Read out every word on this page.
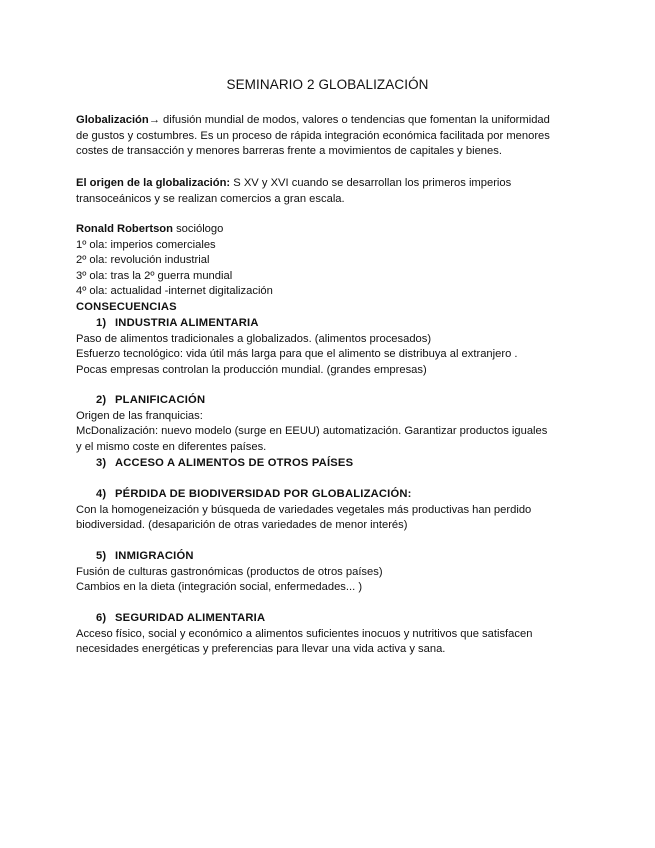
SEMINARIO 2 GLOBALIZACIÓN

Globalización→ difusión mundial de modos, valores o tendencias que fomentan la uniformidad

de gustos y costumbres. Es un proceso de rápida integración económica facilitada por menores

costes de transacción y menores barreras frente a movimientos de capitales y bienes.

El origen de la globalización: S XV y XVI cuando se desarrollan los primeros imperios

transoceánicos y se realizan comercios a gran escala.

Ronald Robertson sociólogo

1º ola: imperios comerciales

2º ola: revolución industrial

3º ola: tras la 2º guerra mundial

4º ola: actualidad -internet digitalización

CONSECUENCIAS

1) INDUSTRIA ALIMENTARIA

Paso de alimentos tradicionales a globalizados. (alimentos procesados)

Esfuerzo tecnológico: vida útil más larga para que el alimento se distribuya al extranjero .

Pocas empresas controlan la producción mundial. (grandes empresas)

2) PLANIFICACIÓN

Origen de las franquicias:

McDonalización: nuevo modelo (surge en EEUU) automatización. Garantizar productos iguales

y el mismo coste en diferentes países.

3) ACCESO A ALIMENTOS DE OTROS PAÍSES

4) PÉRDIDA DE BIODIVERSIDAD POR GLOBALIZACIÓN:

Con la homogeneización y búsqueda de variedades vegetales más productivas han perdido

biodiversidad. (desaparición de otras variedades de menor interés)

5) INMIGRACIÓN

Fusión de culturas gastronómicas (productos de otros países)

Cambios en la dieta (integración social, enfermedades... )

6) SEGURIDAD ALIMENTARIA

Acceso físico, social y económico a alimentos suficientes inocuos y nutritivos que satisfacen

necesidades energéticas y preferencias para llevar una vida activa y sana.
